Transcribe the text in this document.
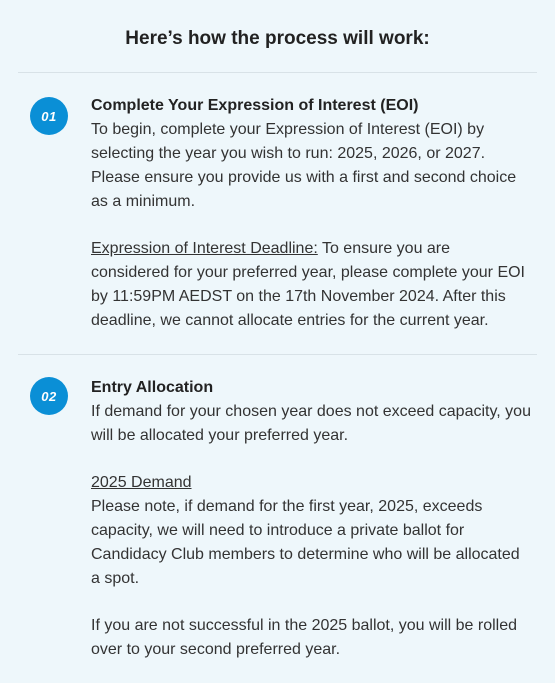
Here’s how the process will work:
01
Complete Your Expression of Interest (EOI)
To begin, complete your Expression of Interest (EOI) by selecting the year you wish to run: 2025, 2026, or 2027. Please ensure you provide us with a first and second choice as a minimum.
Expression of Interest Deadline: To ensure you are considered for your preferred year, please complete your EOI by 11:59PM AEDST on the 17th November 2024. After this deadline, we cannot allocate entries for the current year.
02	Entry Allocation
If demand for your chosen year does not exceed capacity, you will be allocated your preferred year.
2025 Demand
Please note, if demand for the first year, 2025, exceeds capacity, we will need to introduce a private ballot for Candidacy Club members to determine who will be allocated a spot.
If you are not successful in the 2025 ballot, you will be rolled over to your second preferred year.
